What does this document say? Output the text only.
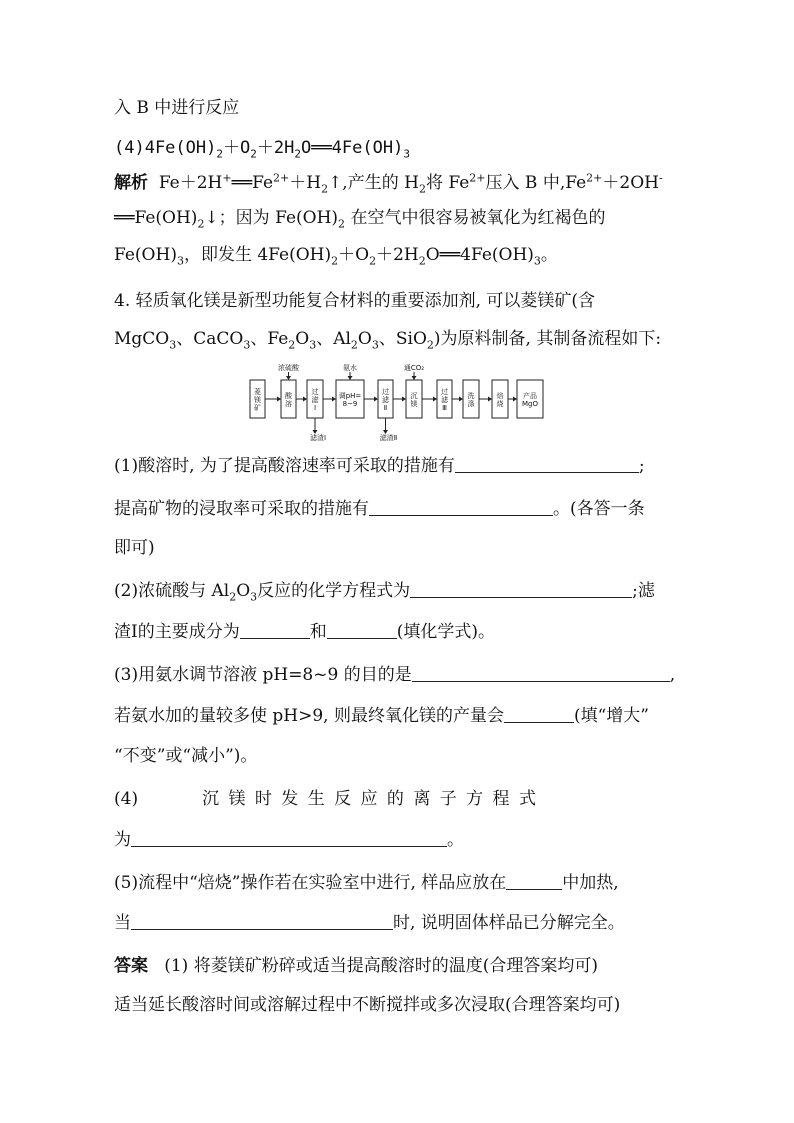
入 B 中进行反应
$(4)4Fe(OH)_2+O_2+2H_2O══4Fe(OH)_3$
解析 $Fe+2H^+══Fe^{2+}+H_2↑$,产生的 $H_2$将 $Fe^{2+}$压入 B 中$,Fe^{2+}+2OH^-$
$══Fe(OH)_2↓$；因为 $Fe(OH)_2$ 在空气中很容易被氧化为红褐色的
$Fe(OH)_3$，即发生 $4Fe(OH)_2+O_2+2H_2O══4Fe(OH)_3$。
4. 轻质氧化镁是新型功能复合材料的重要添加剂, 可以菱镁矿(含
MgCO$_3$、CaCO$_3$、$Fe_2O_3$、$Al_2O_3$、SiO$_2$)为原料制备, 其制备流程如下:
菱
镁
矿
酸
溶
过
滤
Ⅰ
调pH=
8~9
过
滤
Ⅱ
沉
镁
过
滤
Ⅲ
洗
涤
焙
烧
产品
MgO
浓硫酸	氨水	通CO₂
滤渣Ⅰ	滤渣Ⅱ
(1)酸溶时, 为了提高酸溶速率可采取的措施有	;
提高矿物的浸取率可采取的措施有	。(各答一条
即可)
(2)浓硫酸与 $Al_2O_3$反应的化学方程式为	;滤
渣Ⅰ的主要成分为	和	(填化学式)。
(3)用氨水调节溶液 pH=8~9 的目的是	,
若氨水加的量较多使 pH>9, 则最终氧化镁的产量会	(填“增大”
“不变”或“减小”)。
(4)	沉 镁 时 发 生 反 应 的 离 子 方 程 式
为	。
(5)流程中“焙烧”操作若在实验室中进行, 样品应放在	中加热,
当	时, 说明固体样品已分解完全。
答案 (1) 将菱镁矿粉碎或适当提高酸溶时的温度(合理答案均可)
适当延长酸溶时间或溶解过程中不断搅拌或多次浸取(合理答案均可)
